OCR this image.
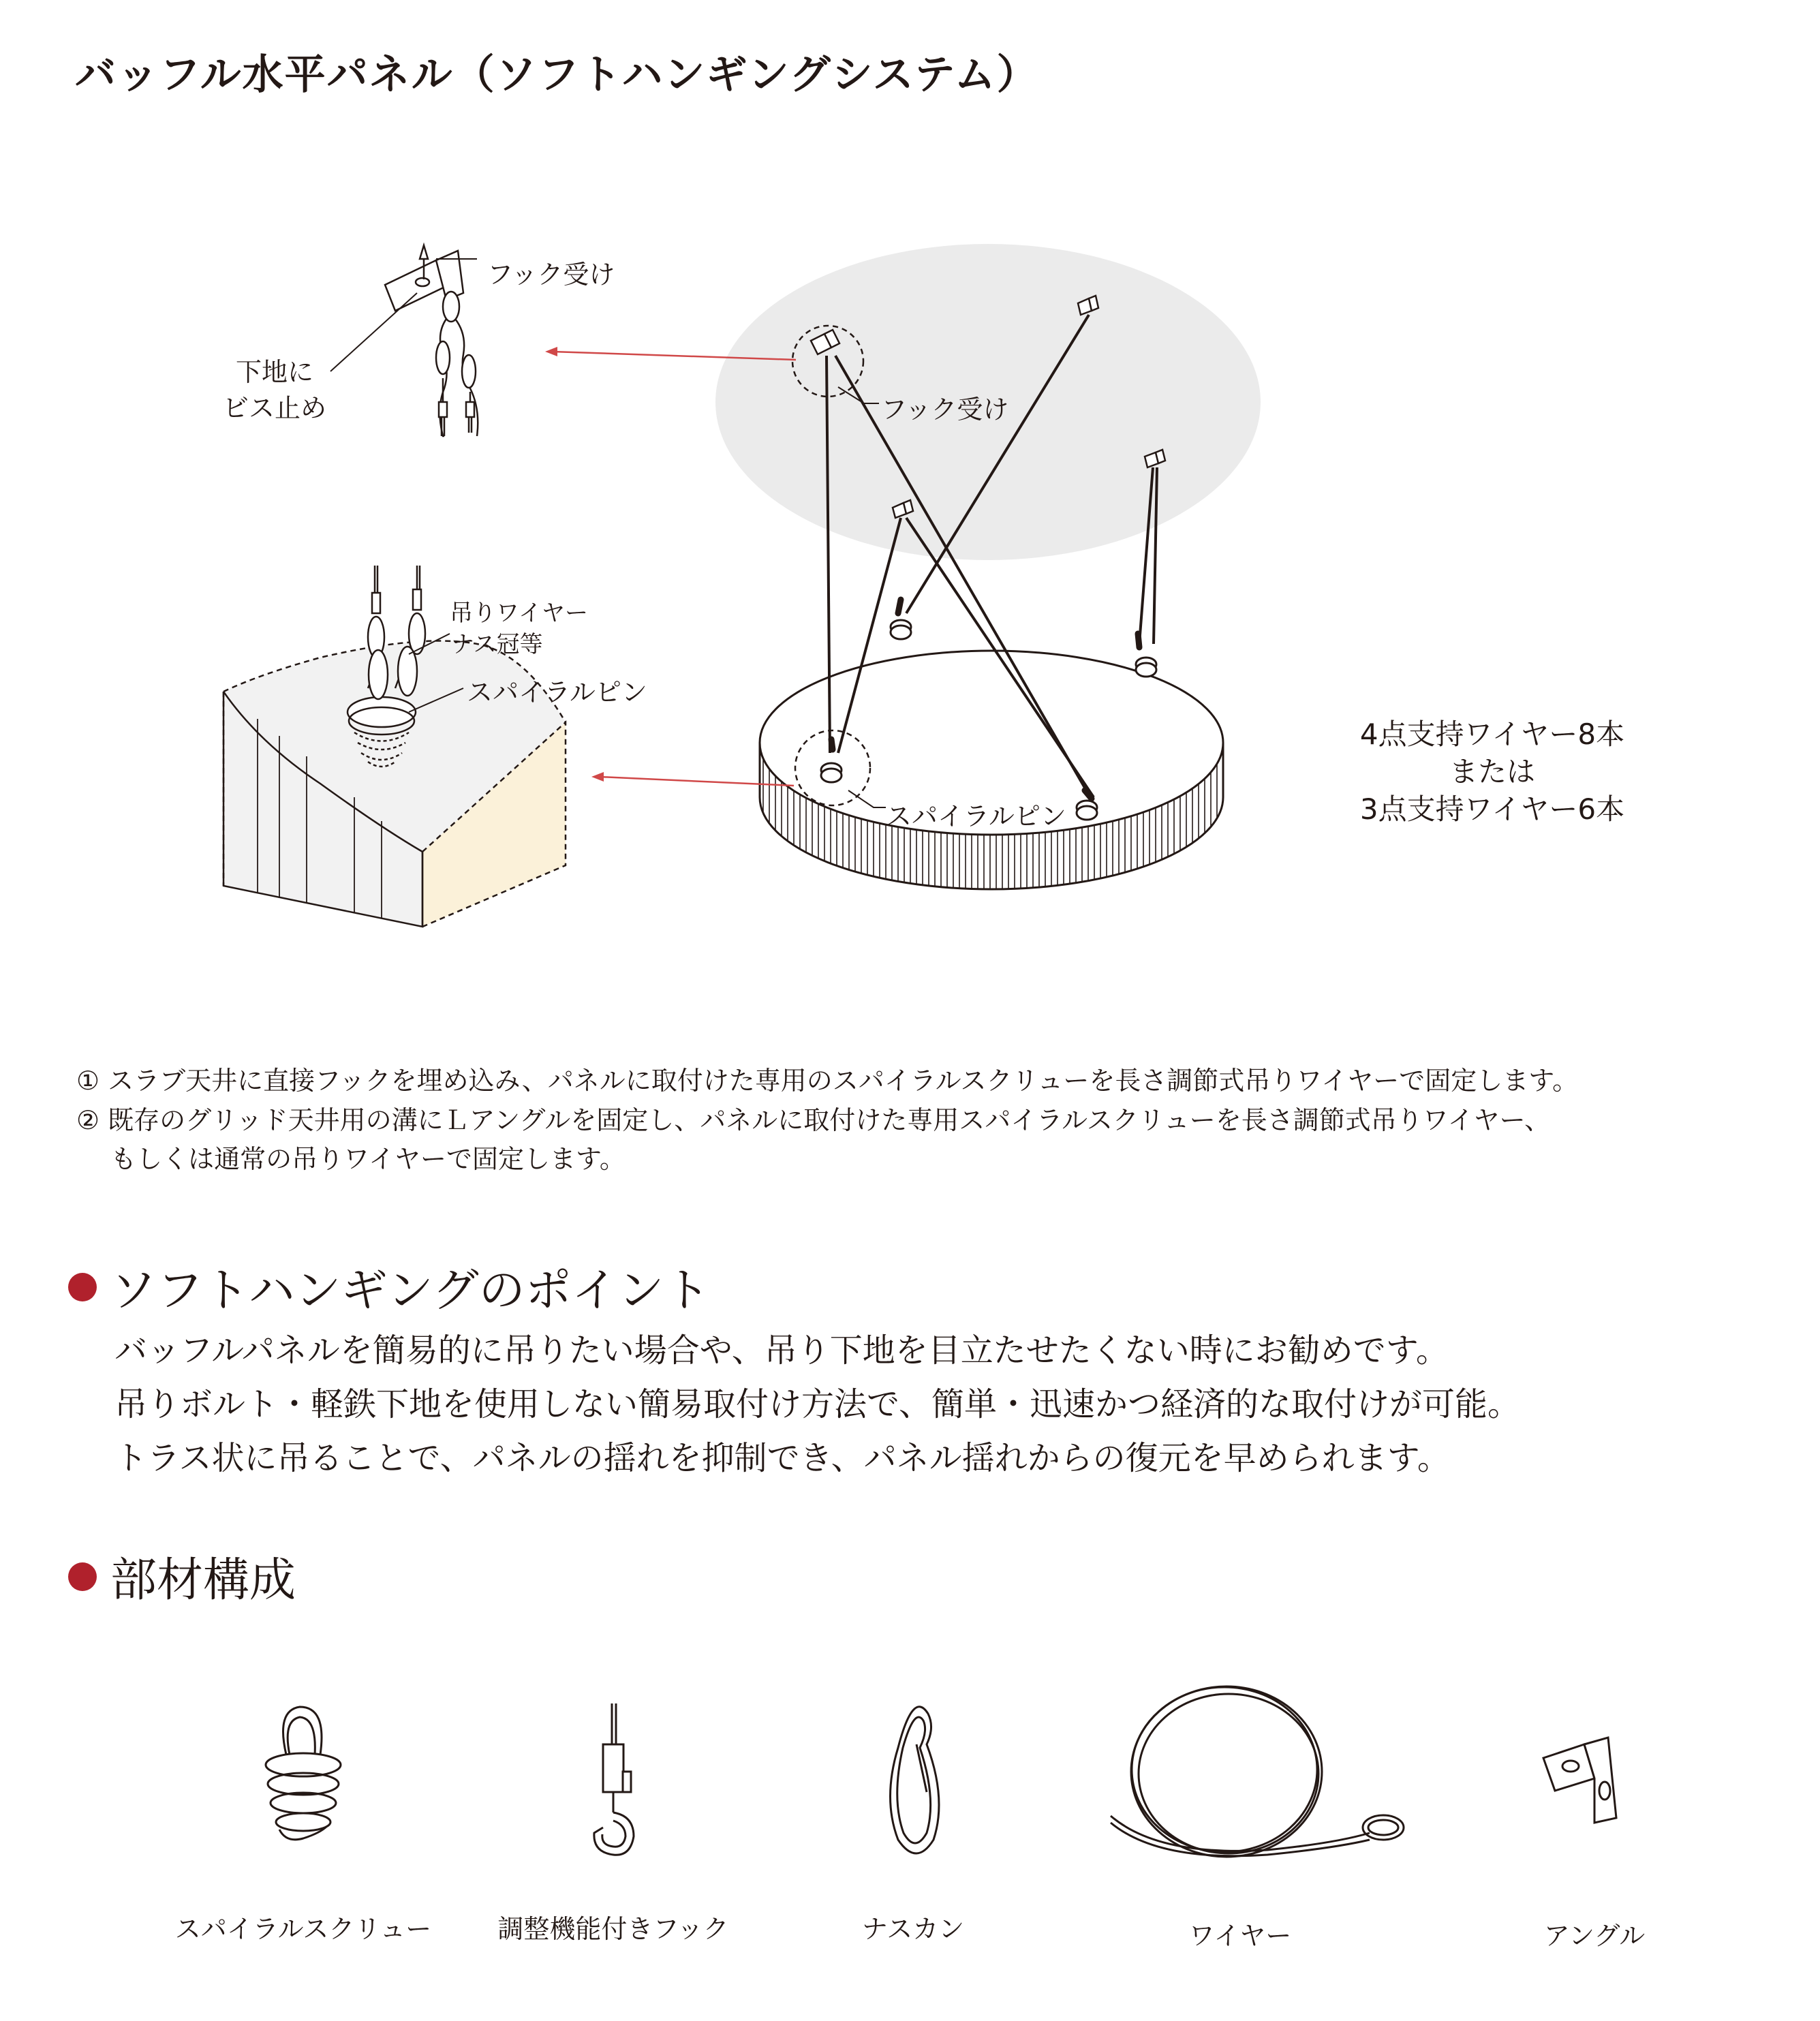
バッフル水平パネル（ソフトハンギングシステム）
フック受け
下地に
ビス止め	フック受け
吊りワイヤー
ナス冠等
スパイラルピン
スパイラルピン
4点支持ワイヤー8本
または
3点支持ワイヤー6本
① スラブ天井に直接フックを埋め込み、パネルに取付けた専用のスパイラルスクリューを長さ調節式吊りワイヤーで固定します。
② 既存のグリッド天井用の溝にＬアングルを固定し、パネルに取付けた専用スパイラルスクリューを長さ調節式吊りワイヤー、
　 もしくは通常の吊りワイヤーで固定します。
ソフトハンギングのポイント
バッフルパネルを簡易的に吊りたい場合や、吊り下地を目立たせたくない時にお勧めです。
吊りボルト・軽鉄下地を使用しない簡易取付け方法で、簡単・迅速かつ経済的な取付けが可能。
トラス状に吊ることで、パネルの揺れを抑制でき、パネル揺れからの復元を早められます。
部材構成
スパイラルスクリュー	調整機能付きフック	ナスカン	ワイヤー	アングル
